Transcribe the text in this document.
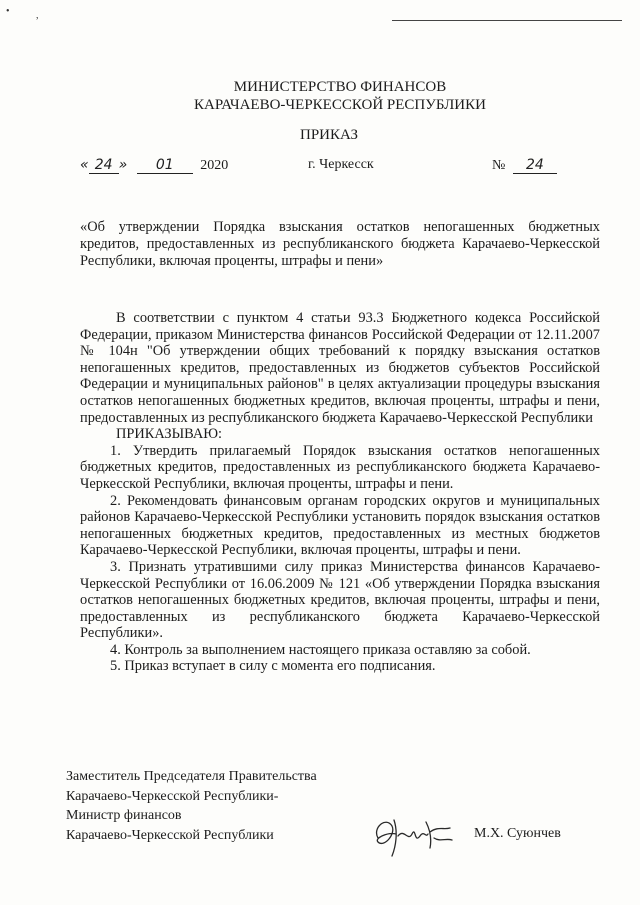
•	,
МИНИСТЕРСТВО ФИНАНСОВ
КАРАЧАЕВО-ЧЕРКЕССКОЙ РЕСПУБЛИКИ
ПРИКАЗ
« 24 » 01 2020	г. Черкесск	№ 24
«Об утверждении Порядка взыскания остатков непогашенных бюджетных кредитов, предоставленных из республиканского бюджета Карачаево-Черкесской Республики, включая проценты, штрафы и пени»

В соответствии с пунктом 4 статьи 93.3 Бюджетного кодекса Российской Федерации, приказом Министерства финансов Российской Федерации от 12.11.2007 № 104н "Об утверждении общих требований к порядку взыскания остатков непогашенных кредитов, предоставленных из бюджетов субъектов Российской Федерации и муниципальных районов" в целях актуализации процедуры взыскания остатков непогашенных бюджетных кредитов, включая проценты, штрафы и пени, предоставленных из республиканского бюджета Карачаево-Черкесской Республики

ПРИКАЗЫВАЮ:

1. Утвердить прилагаемый Порядок взыскания остатков непогашенных бюджетных кредитов, предоставленных из республиканского бюджета Карачаево-Черкесской Республики, включая проценты, штрафы и пени.

2. Рекомендовать финансовым органам городских округов и муниципальных районов Карачаево-Черкесской Республики установить порядок взыскания остатков непогашенных бюджетных кредитов, предоставленных из местных бюджетов Карачаево-Черкесской Республики, включая проценты, штрафы и пени.

3. Признать утратившими силу приказ Министерства финансов Карачаево-Черкесской Республики от 16.06.2009 № 121 «Об утверждении Порядка взыскания остатков непогашенных бюджетных кредитов, включая проценты, штрафы и пени, предоставленных из республиканского бюджета Карачаево-Черкесской Республики».

4. Контроль за выполнением настоящего приказа оставляю за собой.

5. Приказ вступает в силу с момента его подписания.

Заместитель Председателя Правительства
Карачаево-Черкесской Республики-
Министр финансов
Карачаево-Черкесской Республики	М.Х. Суюнчев
